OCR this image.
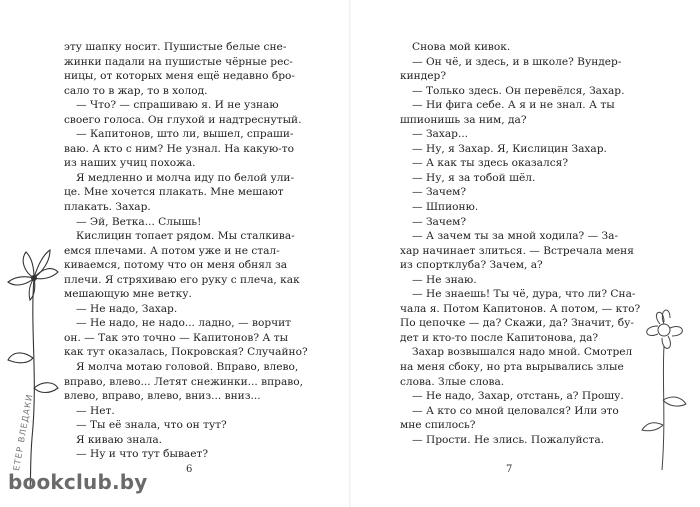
эту шапку носит. Пушистые белые сне-
жинки падали на пушистые чёрные рес-
ницы, от которых меня ещё недавно бро-
сало то в жар, то в холод.
— Что? — спрашиваю я. И не узнаю
своего голоса. Он глухой и надтреснутый.
— Капитонов, што ли, вышел, спраши-
ваю. А кто с ним? Не узнал. На какую-то
из наших учиц похожа.
Я медленно и молча иду по белой ули-
це. Мне хочется плакать. Мне мешают
плакать. Захар.
— Эй, Ветка... Слышь!
Кислицин топает рядом. Мы сталкива-
емся плечами. А потом уже и не стал-
киваемся, потому что он меня обнял за
плечи. Я стряхиваю его руку с плеча, как
мешающую мне ветку.
— Не надо, Захар.
— Не надо, не надо... ладно, — ворчит
он. — Так это точно — Капитонов? А ты
как тут оказалась, Покровская? Случайно?
Я молча мотаю головой. Вправо, влево,
вправо, влево... Летят снежинки... вправо,
влево, вправо, влево, вниз... вниз...
— Нет.
— Ты её знала, что он тут?
Я киваю знала.
— Ну и что тут бывает?
Снова мой кивок.
— Он чё, и здесь, и в школе? Вундер-
киндер?
— Только здесь. Он перевёлся, Захар.
— Ни фига себе. А я и не знал. А ты
шпионишь за ним, да?
— Захар...
— Ну, я Захар. Я, Кислицин Захар.
— А как ты здесь оказался?
— Ну, я за тобой шёл.
— Зачем?
— Шпионю.
— Зачем?
— А зачем ты за мной ходила? — За-
хар начинает злиться. — Встречала меня
из спортклуба? Зачем, а?
— Не знаю.
— Не знаешь! Ты чё, дура, что ли? Сна-
чала я. Потом Капитонов. А потом, — кто?
По цепочке — да? Скажи, да? Значит, бу-
дет и кто-то после Капитонова, да?
Захар возвышался надо мной. Смотрел
на меня сбоку, но рта вырывались злые
слова. Злые слова.
— Не надо, Захар, отстань, а? Прошу.
— А кто со мной целовался? Или это
мне спилось?
— Прости. Не злись. Пожалуйста.
6	7
ЕТЕР ВЛЕДАКИ
bookclub.by
